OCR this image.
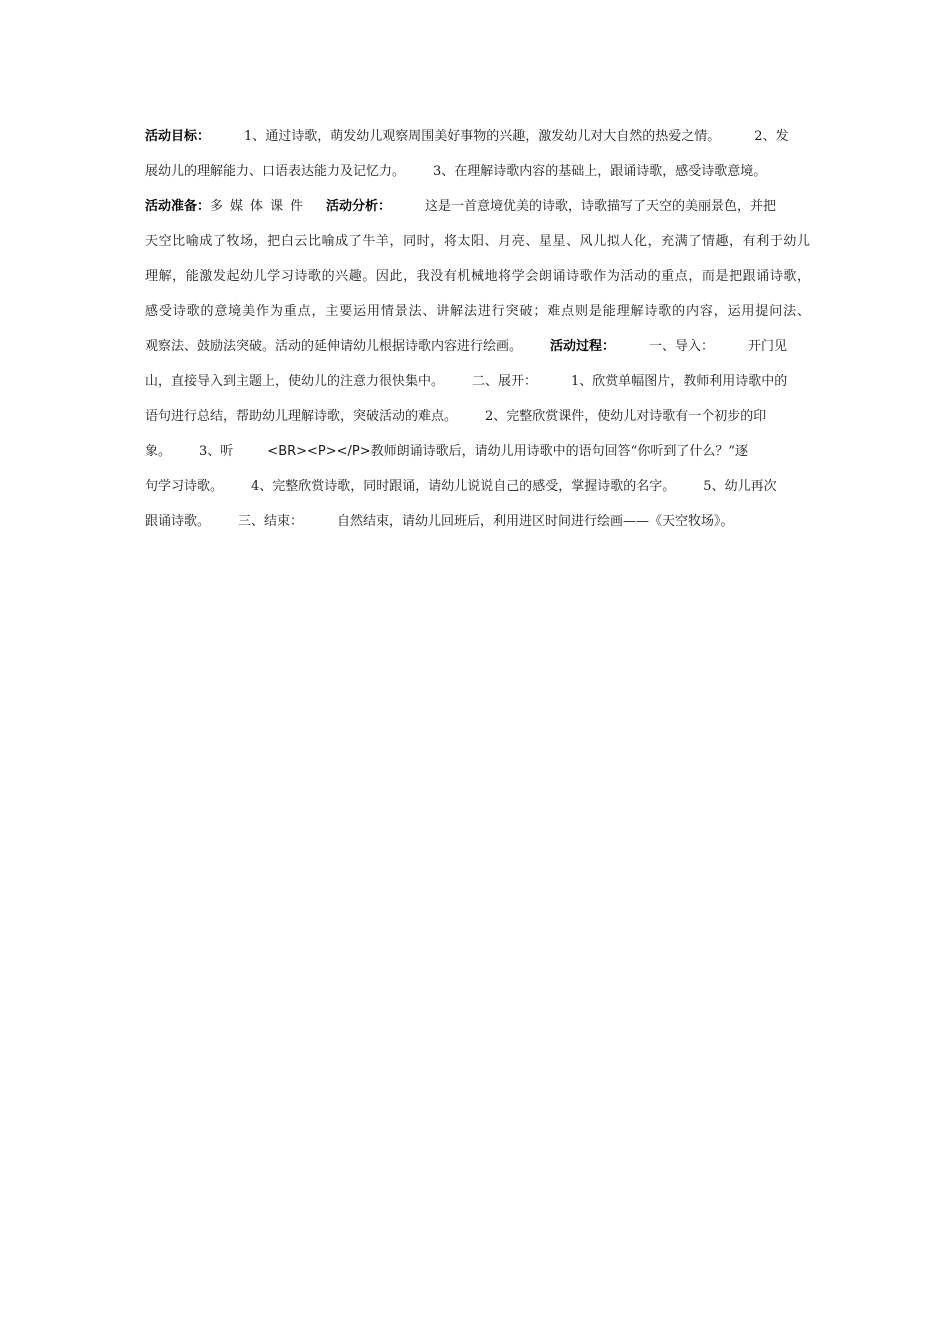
活动目标：	1、通过诗歌，萌发幼儿观察周围美好事物的兴趣，激发幼儿对大自然的热爱之情。	2、发
展幼儿的理解能力、口语表达能力及记忆力。 3、在理解诗歌内容的基础上，跟诵诗歌，感受诗歌意境。
活动准备：多媒体课件 活动分析：	这是一首意境优美的诗歌，诗歌描写了天空的美丽景色，并把
天空比喻成了牧场，把白云比喻成了牛羊，同时，将太阳、月亮、星星、风儿拟人化，充满了情趣，有利于幼儿
理解，能激发起幼儿学习诗歌的兴趣。因此，我没有机械地将学会朗诵诗歌作为活动的重点，而是把跟诵诗歌，
感受诗歌的意境美作为重点，主要运用情景法、讲解法进行突破；难点则是能理解诗歌的内容，运用提问法、
观察法、鼓励法突破。活动的延伸请幼儿根据诗歌内容进行绘画。 活动过程：	一、导入：	开门见
山，直接导入到主题上，使幼儿的注意力很快集中。 二、展开：	1、欣赏单幅图片，教师利用诗歌中的
语句进行总结，帮助幼儿理解诗歌，突破活动的难点。 2、完整欣赏课件，使幼儿对诗歌有一个初步的印
象。 3、听	<BR><P></P>教师朗诵诗歌后，请幼儿用诗歌中的语句回答“你听到了什么？”逐
句学习诗歌。 4、完整欣赏诗歌，同时跟诵，请幼儿说说自己的感受，掌握诗歌的名字。 5、幼儿再次
跟诵诗歌。 三、结束：	自然结束，请幼儿回班后，利用进区时间进行绘画——《天空牧场》。
